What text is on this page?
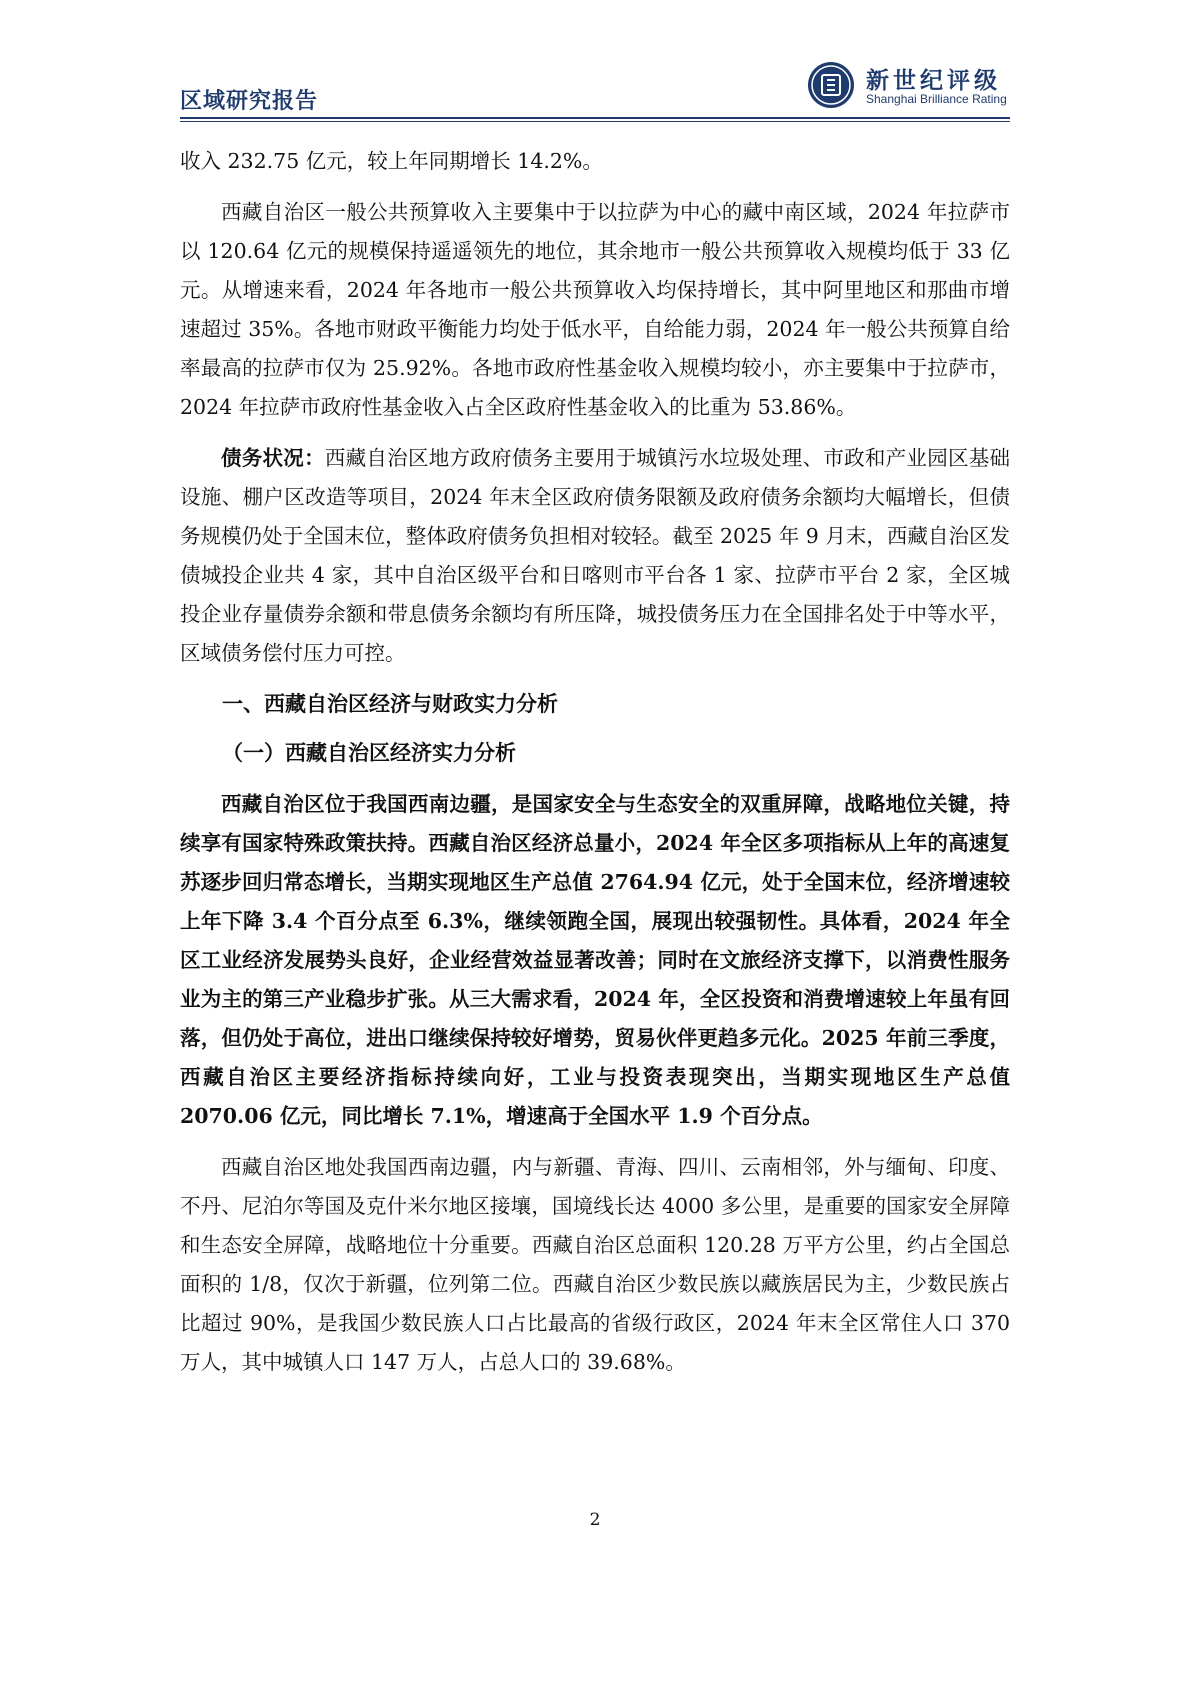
区域研究报告
新世纪评级
Shanghai Brilliance Rating

收入 232.75 亿元，较上年同期增长 14.2%。

西藏自治区一般公共预算收入主要集中于以拉萨为中心的藏中南区域，2024 年拉萨市以 120.64 亿元的规模保持遥遥领先的地位，其余地市一般公共预算收入规模均低于 33 亿元。从增速来看，2024 年各地市一般公共预算收入均保持增长，其中阿里地区和那曲市增速超过 35%。各地市财政平衡能力均处于低水平，自给能力弱，2024 年一般公共预算自给率最高的拉萨市仅为 25.92%。各地市政府性基金收入规模均较小，亦主要集中于拉萨市，2024 年拉萨市政府性基金收入占全区政府性基金收入的比重为 53.86%。

债务状况：西藏自治区地方政府债务主要用于城镇污水垃圾处理、市政和产业园区基础设施、棚户区改造等项目，2024 年末全区政府债务限额及政府债务余额均大幅增长，但债务规模仍处于全国末位，整体政府债务负担相对较轻。截至 2025 年 9 月末，西藏自治区发债城投企业共 4 家，其中自治区级平台和日喀则市平台各 1 家、拉萨市平台 2 家，全区城投企业存量债券余额和带息债务余额均有所压降，城投债务压力在全国排名处于中等水平，区域债务偿付压力可控。

一、西藏自治区经济与财政实力分析
（一）西藏自治区经济实力分析

西藏自治区位于我国西南边疆，是国家安全与生态安全的双重屏障，战略地位关键，持续享有国家特殊政策扶持。西藏自治区经济总量小，2024 年全区多项指标从上年的高速复苏逐步回归常态增长，当期实现地区生产总值 2764.94 亿元，处于全国末位，经济增速较上年下降 3.4 个百分点至 6.3%，继续领跑全国，展现出较强韧性。具体看，2024 年全区工业经济发展势头良好，企业经营效益显著改善；同时在文旅经济支撑下，以消费性服务业为主的第三产业稳步扩张。从三大需求看，2024 年，全区投资和消费增速较上年虽有回落，但仍处于高位，进出口继续保持较好增势，贸易伙伴更趋多元化。2025 年前三季度，西藏自治区主要经济指标持续向好，工业与投资表现突出，当期实现地区生产总值 2070.06 亿元，同比增长 7.1%，增速高于全国水平 1.9 个百分点。

西藏自治区地处我国西南边疆，内与新疆、青海、四川、云南相邻，外与缅甸、印度、不丹、尼泊尔等国及克什米尔地区接壤，国境线长达 4000 多公里，是重要的国家安全屏障和生态安全屏障，战略地位十分重要。西藏自治区总面积 120.28 万平方公里，约占全国总面积的 1/8，仅次于新疆，位列第二位。西藏自治区少数民族以藏族居民为主，少数民族占比超过 90%，是我国少数民族人口占比最高的省级行政区，2024 年末全区常住人口 370 万人，其中城镇人口 147 万人，占总人口的 39.68%。

2
